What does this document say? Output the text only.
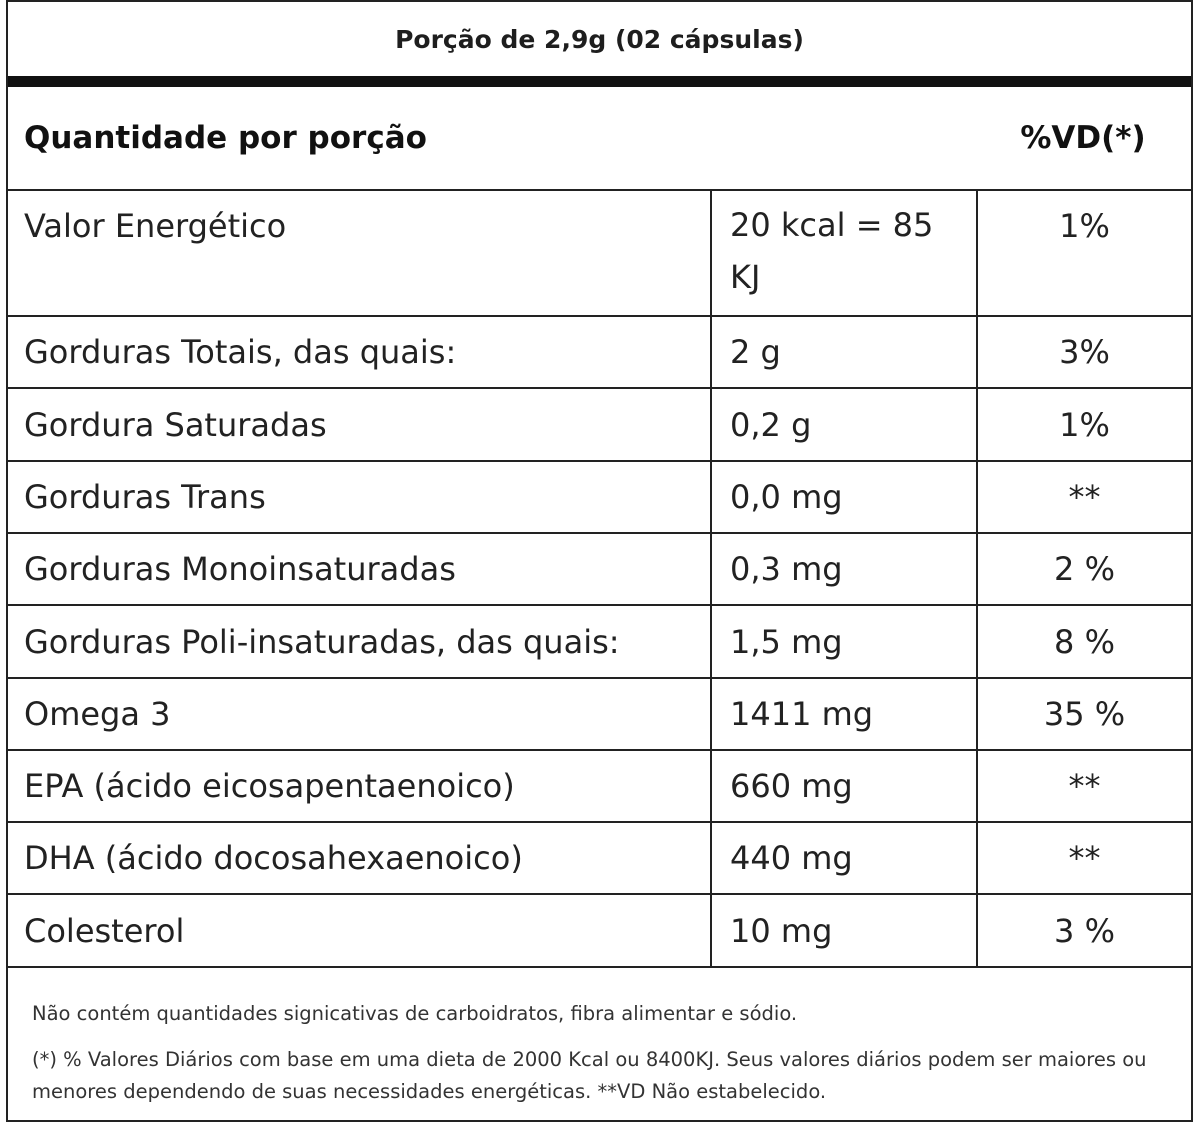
Porção de 2,9g (02 cápsulas)
Quantidade por porção	%VD(*)
Valor Energético	20 kcal = 85 KJ	1%
Gorduras Totais, das quais:	2 g	3%
Gordura Saturadas	0,2 g	1%
Gorduras Trans	0,0 mg	**
Gorduras Monoinsaturadas	0,3 mg	2 %
Gorduras Poli-insaturadas, das quais:	1,5 mg	8 %
Omega 3	1411 mg	35 %
EPA (ácido eicosapentaenoico)	660 mg	**
DHA (ácido docosahexaenoico)	440 mg	**
Colesterol	10 mg	3 %

Não contém quantidades signicativas de carboidratos, fibra alimentar e sódio.

(*) % Valores Diários com base em uma dieta de 2000 Kcal ou 8400KJ. Seus valores diários podem ser maiores ou menores dependendo de suas necessidades energéticas. **VD Não estabelecido.
